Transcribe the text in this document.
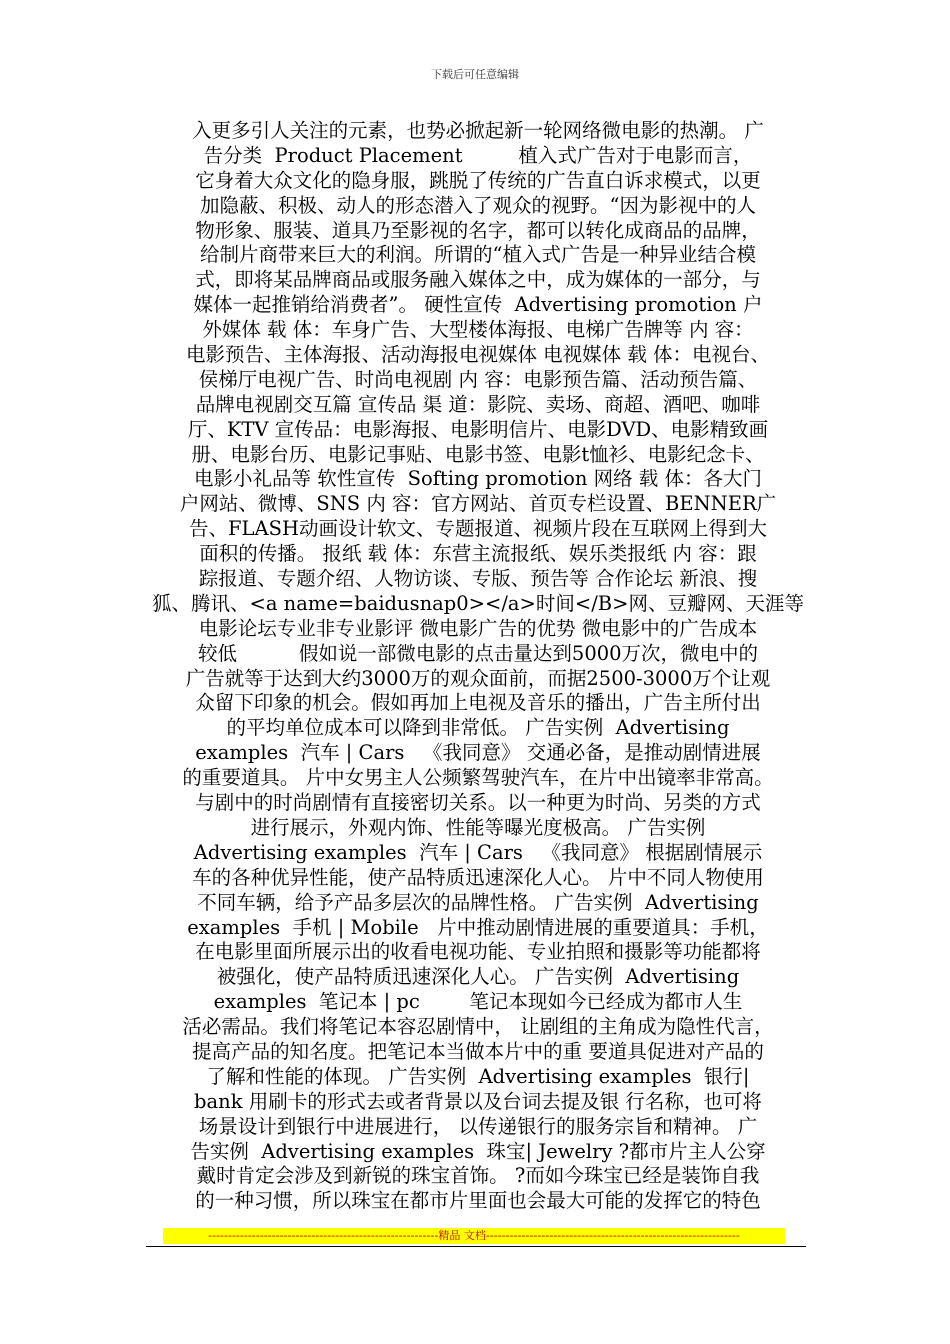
下载后可任意编辑
入更多引人关注的元素，也势必掀起新一轮网络微电影的热潮。 广
告分类  Product Placement         植入式广告对于电影而言，
它身着大众文化的隐身服，跳脱了传统的广告直白诉求模式，以更
加隐蔽、积极、动人的形态潜入了观众的视野。“因为影视中的人
物形象、服装、道具乃至影视的名字，都可以转化成商品的品牌，
给制片商带来巨大的利润。所谓的“植入式广告是一种异业结合模
式，即将某品牌商品或服务融入媒体之中，成为媒体的一部分，与
媒体一起推销给消费者”。 硬性宣传  Advertising promotion 户
外媒体 载 体：车身广告、大型楼体海报、电梯广告牌等 内 容：
电影预告、主体海报、活动海报电视媒体 电视媒体 载 体：电视台、
侯梯厅电视广告、时尚电视剧 内 容：电影预告篇、活动预告篇、
品牌电视剧交互篇 宣传品 渠 道：影院、卖场、商超、酒吧、咖啡
厅、KTV 宣传品：电影海报、电影明信片、电影DVD、电影精致画
册、电影台历、电影记事贴、电影书签、电影t恤衫、电影纪念卡、
电影小礼品等 软性宣传  Softing promotion 网络 载 体：各大门
户网站、微博、SNS 内 容：官方网站、首页专栏设置、BENNER广
告、FLASH动画设计软文、专题报道、视频片段在互联网上得到大
面积的传播。 报纸 载 体：东营主流报纸、娱乐类报纸 内 容：跟
踪报道、专题介绍、人物访谈、专版、预告等 合作论坛 新浪、搜
狐、腾讯、<a name=baidusnap0></a>时间</B>网、豆瓣网、天涯等
电影论坛专业非专业影评 微电影广告的优势 微电影中的广告成本
较低          假如说一部微电影的点击量达到5000万次，微电中的
广告就等于达到大约3000万的观众面前，而据2500-3000万个让观
众留下印象的机会。假如再加上电视及音乐的播出，广告主所付出
的平均单位成本可以降到非常低。 广告实例  Advertising
examples  汽车 | Cars   《我同意》 交通必备，是推动剧情进展
的重要道具。 片中女男主人公频繁驾驶汽车，在片中出镜率非常高。
与剧中的时尚剧情有直接密切关系。以一种更为时尚、另类的方式
进行展示，外观内饰、性能等曝光度极高。 广告实例
Advertising examples  汽车 | Cars   《我同意》 根据剧情展示
车的各种优异性能，使产品特质迅速深化人心。 片中不同人物使用
不同车辆，给予产品多层次的品牌性格。 广告实例  Advertising
examples  手机 | Mobile   片中推动剧情进展的重要道具：手机，
在电影里面所展示出的收看电视功能、专业拍照和摄影等功能都将
被强化，使产品特质迅速深化人心。 广告实例  Advertising
examples  笔记本 | pc        笔记本现如今已经成为都市人生
活必需品。我们将笔记本容忍剧情中， 让剧组的主角成为隐性代言，
提高产品的知名度。把笔记本当做本片中的重 要道具促进对产品的
了解和性能的体现。 广告实例  Advertising examples  银行|
bank 用刷卡的形式去或者背景以及台词去提及银 行名称，也可将
场景设计到银行中进展进行， 以传递银行的服务宗旨和精神。 广
告实例  Advertising examples  珠宝| Jewelry ?都市片主人公穿
戴时肯定会涉及到新锐的珠宝首饰。 ?而如今珠宝已经是装饰自我
的一种习惯，所以珠宝在都市片里面也会最大可能的发挥它的特色
----------------------------------------------------------精品 文档----------------------------------------------------------------
